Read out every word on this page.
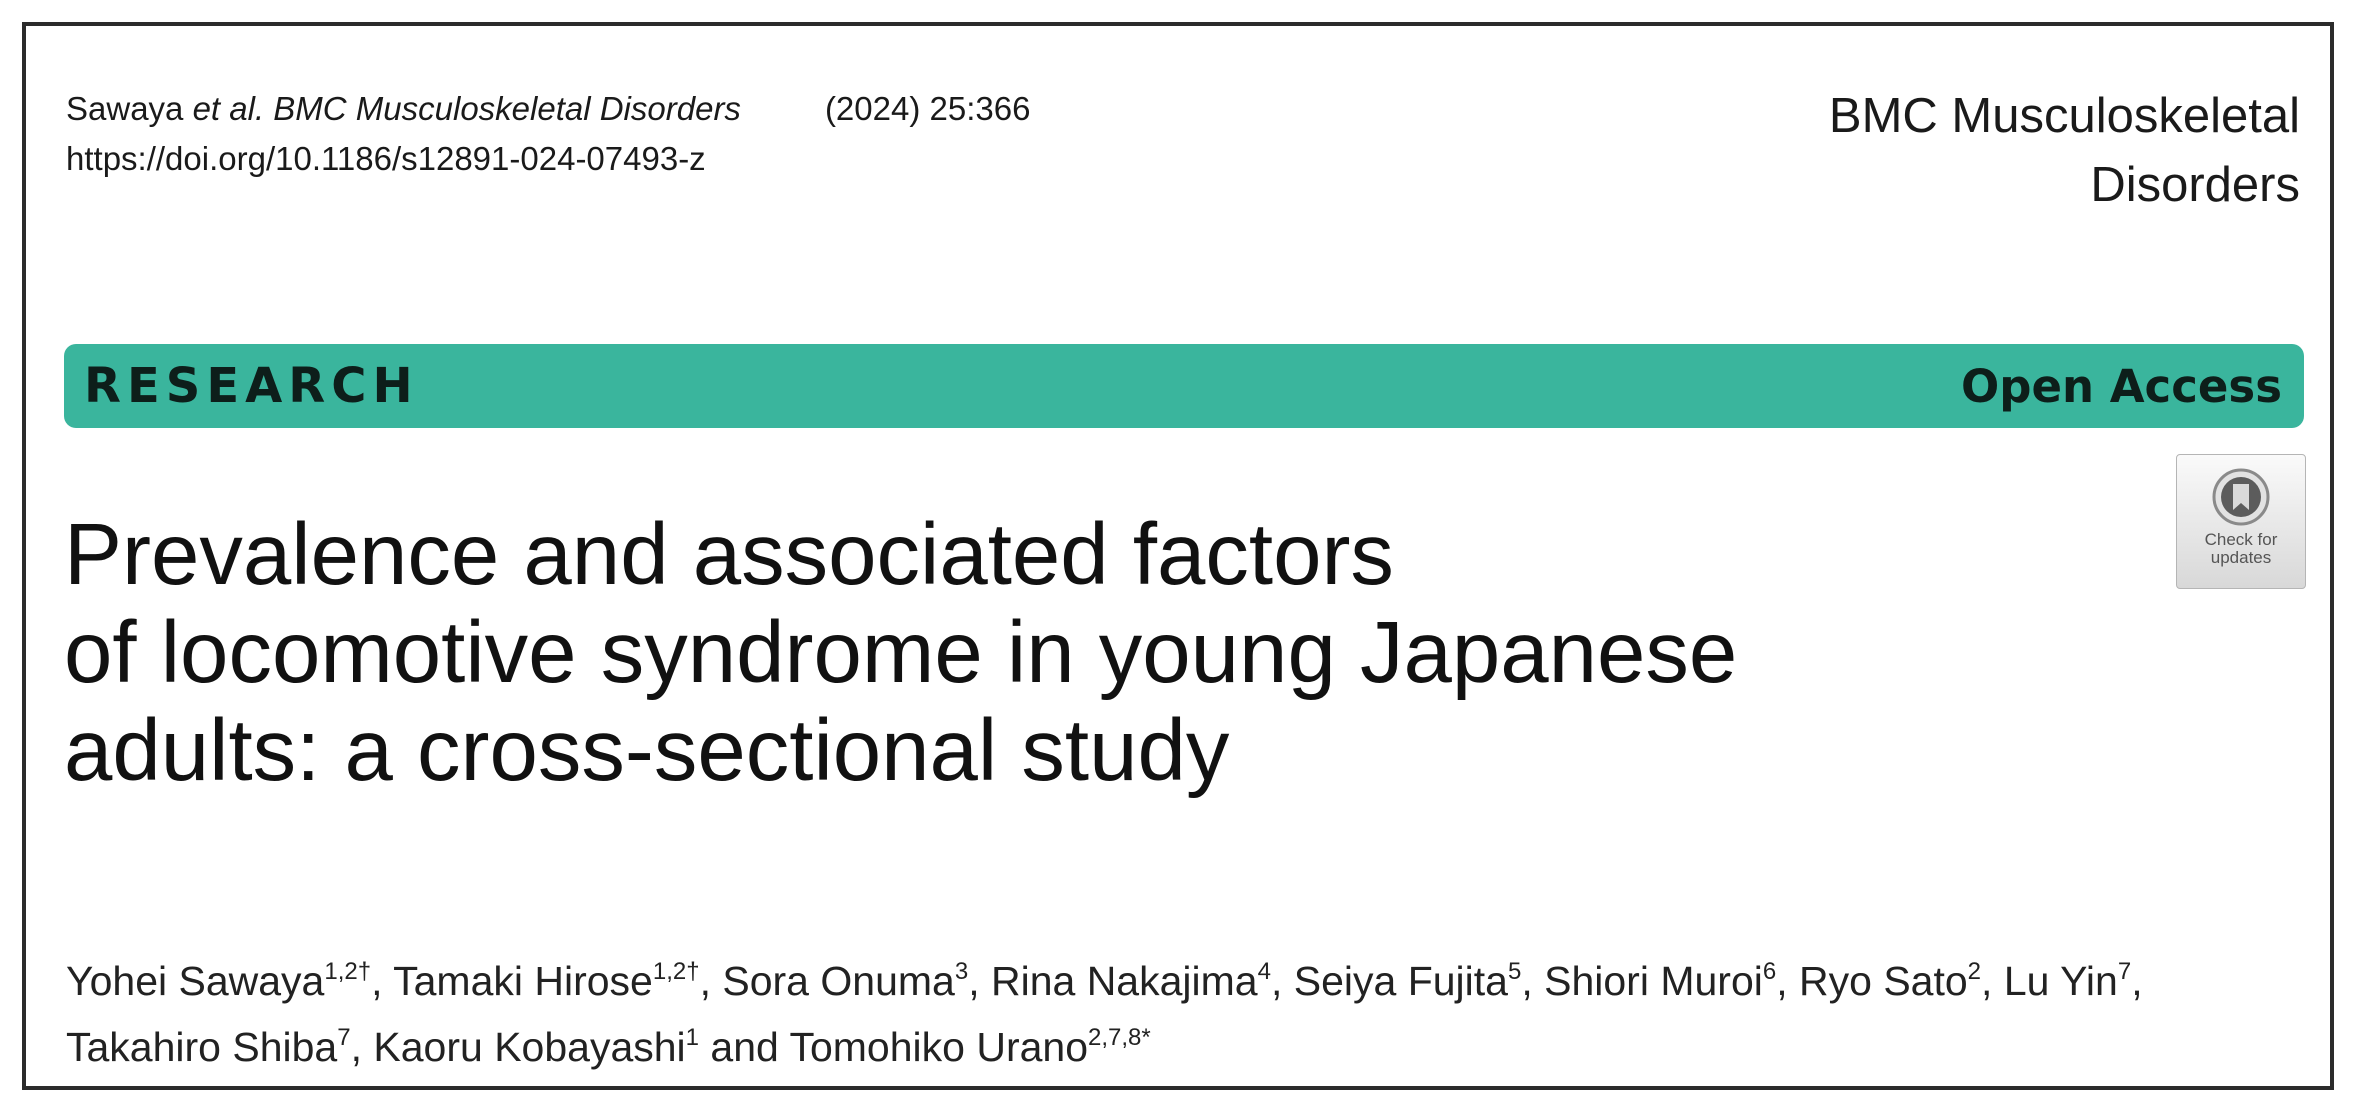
Sawaya et al. BMC Musculoskeletal Disorders	(2024) 25:366
https://doi.org/10.1186/s12891-024-07493-z
BMC Musculoskeletal
Disorders
RESEARCH	Open Access
Check for
updates
Prevalence and associated factors
of locomotive syndrome in young Japanese
adults: a cross-sectional study
Yohei Sawaya$^{1,2\dagger}$, Tamaki Hirose$^{1,2\dagger}$, Sora Onuma$^3$, Rina Nakajima$^4$, Seiya Fujita$^5$, Shiori Muroi$^6$, Ryo Sato$^2$, Lu Yin$^7$,
Takahiro Shiba$^7$, Kaoru Kobayashi$^1$ and Tomohiko Urano$^{2,7,8*}$
